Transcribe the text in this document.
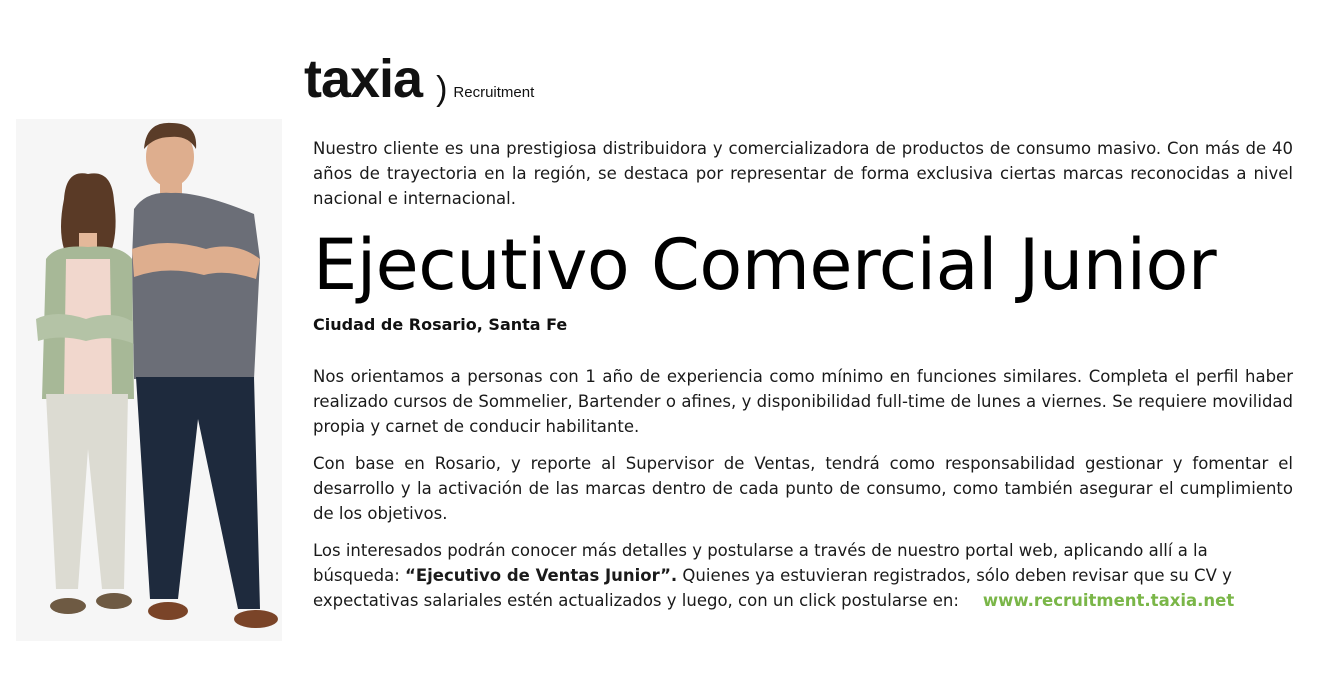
taxia ) Recruitment

Nuestro cliente es una prestigiosa distribuidora y comercializadora de productos de consumo masivo. Con más de 40 años de trayectoria en la región, se destaca por representar de forma exclusiva ciertas marcas reconocidas a nivel nacional e internacional.

Ejecutivo Comercial Junior

Ciudad de Rosario, Santa Fe

Nos orientamos a personas con 1 año de experiencia como mínimo en funciones similares. Completa el perfil haber realizado cursos de Sommelier, Bartender o afines, y disponibilidad full-time de lunes a viernes. Se requiere movilidad propia y carnet de conducir habilitante.

Con base en Rosario, y reporte al Supervisor de Ventas, tendrá como responsabilidad gestionar y fomentar el desarrollo y la activación de las marcas dentro de cada punto de consumo, como también asegurar el cumplimiento de los objetivos.

Los interesados podrán conocer más detalles y postularse a través de nuestro portal web, aplicando allí a la búsqueda: “Ejecutivo de Ventas Junior”. Quienes ya estuvieran registrados, sólo deben revisar que su CV y expectativas salariales estén actualizados y luego, con un click postularse en: www.recruitment.taxia.net
